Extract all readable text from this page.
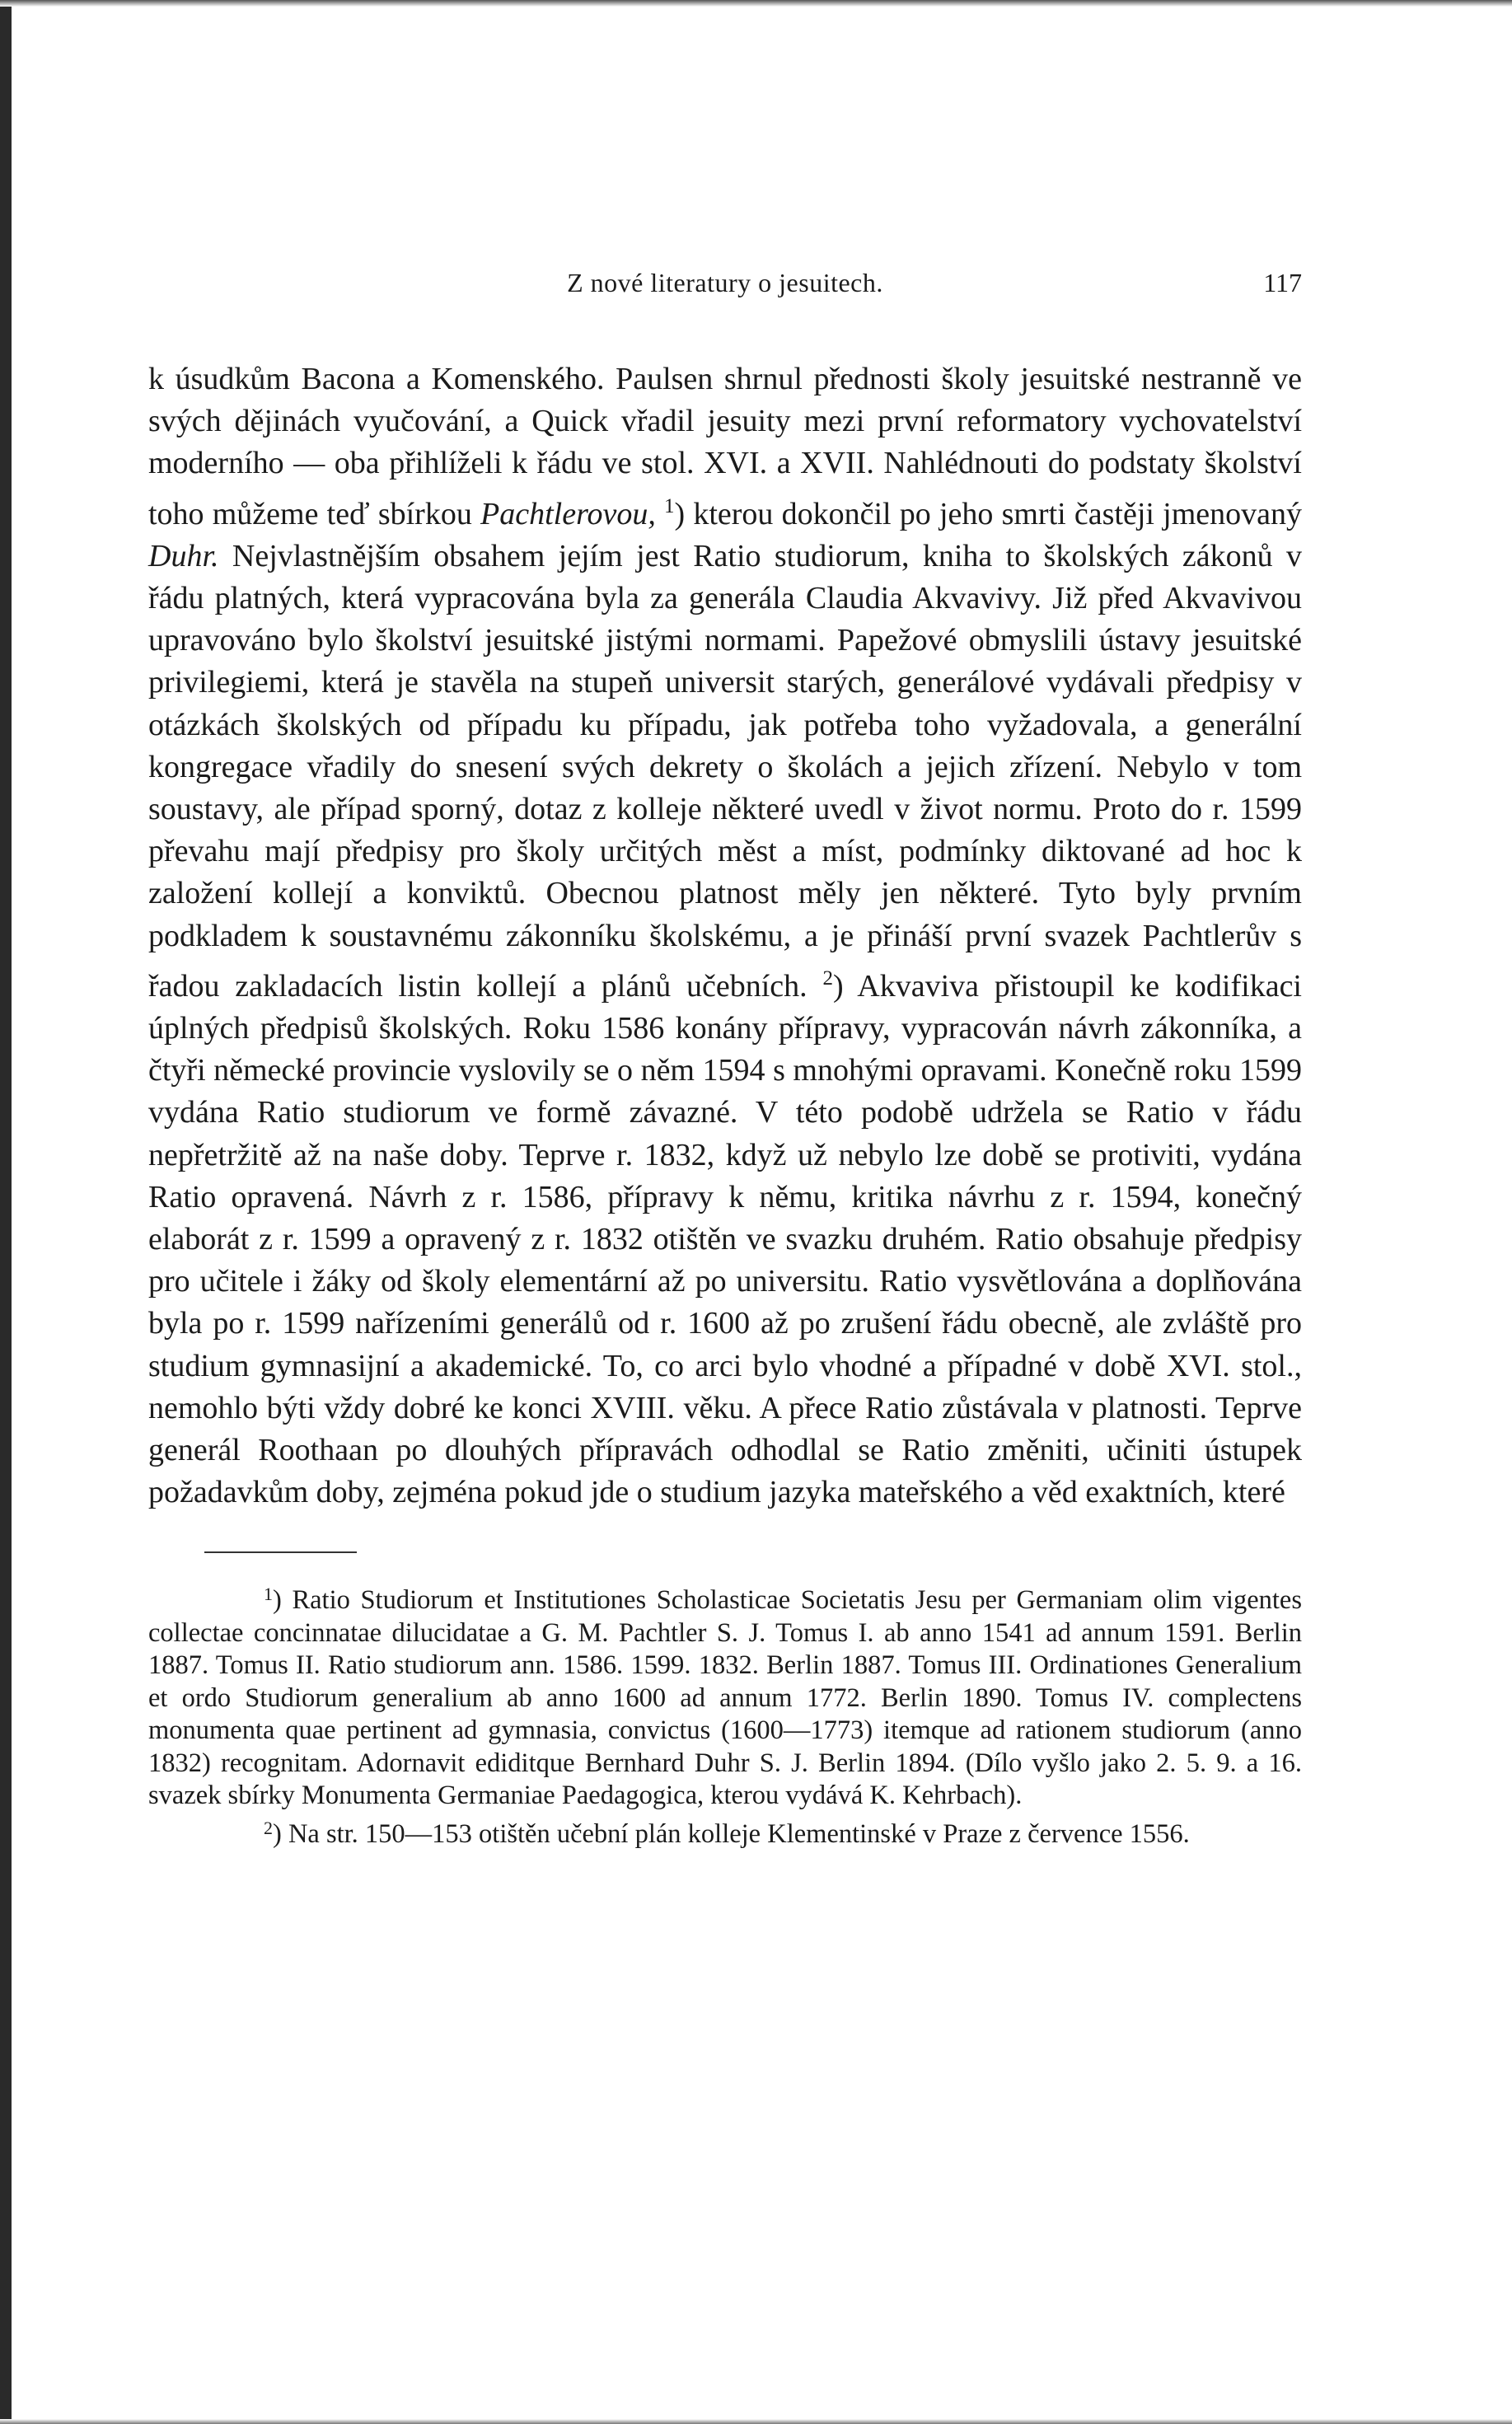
Z nové literatury o jesuitech.	117

k úsudkům Bacona a Komenského. Paulsen shrnul přednosti školy jesuitské nestranně ve svých dějinách vyučování, a Quick vřadil jesuity mezi první reformatory vychovatelství moderního — oba přihlíželi k řádu ve stol. XVI. a XVII. Nahlédnouti do podstaty školství toho můžeme teď sbírkou Pachtlerovou, $^1$) kterou dokončil po jeho smrti častěji jmenovaný Duhr. Nejvlastnějším obsahem jejím jest Ratio studiorum, kniha to školských zákonů v řádu platných, která vypracována byla za generála Claudia Akvavivy. Již před Akvavivou upravováno bylo školství jesuitské jistými normami. Papežové obmyslili ústavy jesuitské privilegiemi, která je stavěla na stupeň universit starých, generálové vydávali předpisy v otázkách školských od případu ku případu, jak potřeba toho vyžadovala, a generální kongregace vřadily do snesení svých dekrety o školách a jejich zřízení. Nebylo v tom soustavy, ale případ sporný, dotaz z kolleje některé uvedl v život normu. Proto do r. 1599 převahu mají předpisy pro školy určitých měst a míst, podmínky diktované ad hoc k založení kollejí a konviktů. Obecnou platnost měly jen některé. Tyto byly prvním podkladem k soustavnému zákonníku školskému, a je přináší první svazek Pachtlerův s řadou zakladacích listin kollejí a plánů učebních. $^2$) Akvaviva přistoupil ke kodifikaci úplných předpisů školských. Roku 1586 konány přípravy, vypracován návrh zákonníka, a čtyři německé provincie vyslovily se o něm 1594 s mnohými opravami. Konečně roku 1599 vydána Ratio studiorum ve formě závazné. V této podobě udržela se Ratio v řádu nepřetržitě až na naše doby. Teprve r. 1832, když už nebylo lze době se protiviti, vydána Ratio opravená. Návrh z r. 1586, přípravy k němu, kritika návrhu z r. 1594, konečný elaborát z r. 1599 a opravený z r. 1832 otištěn ve svazku druhém. Ratio obsahuje předpisy pro učitele i žáky od školy elementární až po universitu. Ratio vysvětlována a doplňována byla po r. 1599 nařízeními generálů od r. 1600 až po zrušení řádu obecně, ale zvláště pro studium gymnasijní a akademické. To, co arci bylo vhodné a případné v době XVI. stol., nemohlo býti vždy dobré ke konci XVIII. věku. A přece Ratio zůstávala v platnosti. Teprve generál Roothaan po dlouhých přípravách odhodlal se Ratio změniti, učiniti ústupek požadavkům doby, zejména pokud jde o studium jazyka mateřského a věd exaktních, které

$^1$) Ratio Studiorum et Institutiones Scholasticae Societatis Jesu per Germaniam olim vigentes collectae concinnatae dilucidatae a G. M. Pachtler S. J. Tomus I. ab anno 1541 ad annum 1591. Berlin 1887. Tomus II. Ratio studiorum ann. 1586. 1599. 1832. Berlin 1887. Tomus III. Ordinationes Generalium et ordo Studiorum generalium ab anno 1600 ad annum 1772. Berlin 1890. Tomus IV. complectens monumenta quae pertinent ad gymnasia, convictus (1600—1773) itemque ad rationem studiorum (anno 1832) recognitam. Adornavit ediditque Bernhard Duhr S. J. Berlin 1894. (Dílo vyšlo jako 2. 5. 9. a 16. svazek sbírky Monumenta Germaniae Paedagogica, kterou vydává K. Kehrbach).

$^2$) Na str. 150—153 otištěn učební plán kolleje Klementinské v Praze z července 1556.
